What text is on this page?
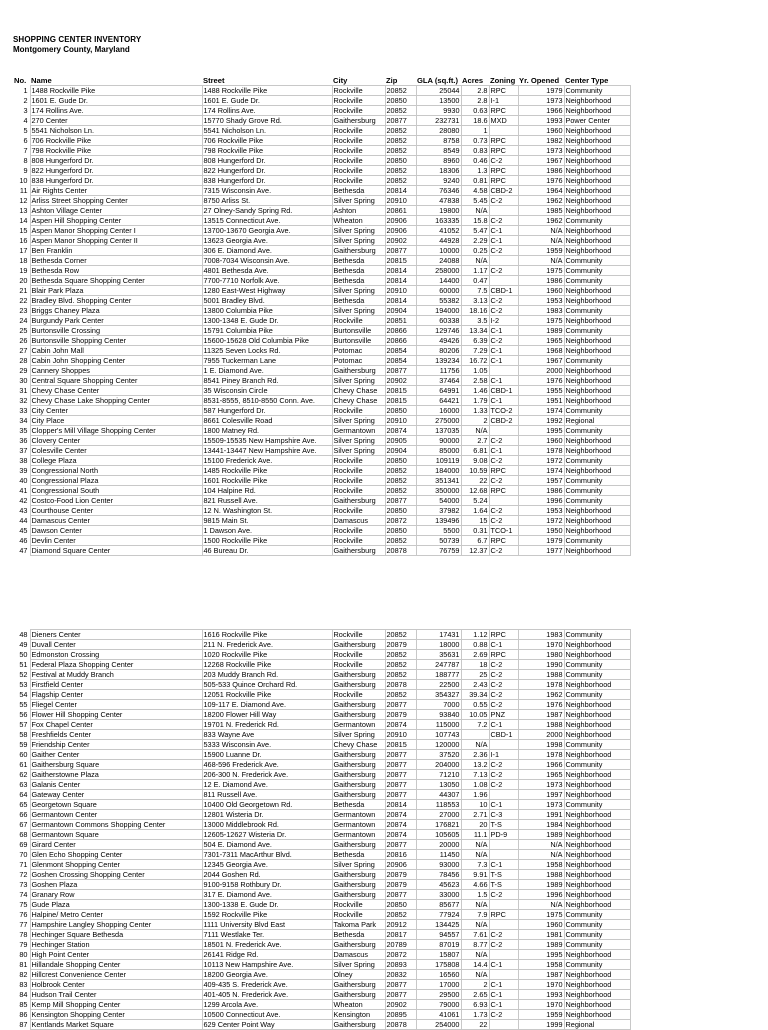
SHOPPING CENTER INVENTORY
Montgomery County, Maryland
No.	Name	Street	City	Zip	GLA (sq.ft.)	Acres	Zoning	Yr. Opened	Center Type
1	1488 Rockville Pike	1488 Rockville Pike	Rockville	20852	25044	2.8	RPC	1979	Community
2	1601 E. Gude Dr.	1601 E. Gude Dr.	Rockville	20850	13500	2.8	I-1	1973	Neighborhood
3	174 Rollins Ave.	174 Rollins Ave.	Rockville	20852	9930	0.63	RPC	1966	Neighborhood
4	270 Center	15770 Shady Grove Rd.	Gaithersburg	20877	232731	18.6	MXD	1993	Power Center
5	5541 Nicholson Ln.	5541 Nicholson Ln.	Rockville	20852	28080	1		1960	Neighborhood
6	706 Rockville Pike	706 Rockville Pike	Rockville	20852	8758	0.73	RPC	1982	Neighborhood
7	798 Rockville Pike	798 Rockville Pike	Rockville	20852	8549	0.83	RPC	1973	Neighborhood
8	808 Hungerford Dr.	808 Hungerford Dr.	Rockville	20850	8960	0.46	C-2	1967	Neighborhood
9	822 Hungerford Dr.	822 Hungerford Dr.	Rockville	20852	18306	1.3	RPC	1986	Neighborhood
10	838 Hungerford Dr.	838 Hungerford Dr.	Rockville	20852	9240	0.81	RPC	1976	Neighborhood
11	Air Rights Center	7315 Wisconsin Ave.	Bethesda	20814	76346	4.58	CBD-2	1964	Neighborhood
12	Arliss Street Shopping Center	8750 Arliss St.	Silver Spring	20910	47838	5.45	C-2	1962	Neighborhood
13	Ashton Village Center	27 Olney-Sandy Spring Rd.	Ashton	20861	19800	N/A		1985	Neighborhood
14	Aspen Hill Shopping Center	13515 Connecticut Ave.	Wheaton	20906	163335	15.8	C-2	1962	Community
15	Aspen Manor Shopping Center I	13700-13670 Georgia Ave.	Silver Spring	20906	41052	5.47	C-1	N/A	Neighborhood
16	Aspen Manor Shopping Center II	13623 Georgia Ave.	Silver Spring	20902	44928	2.29	C-1	N/A	Neighborhood
17	Ben Franklin	306 E. Diamond Ave.	Gaithersburg	20877	10000	0.25	C-2	1959	Neighborhood
18	Bethesda Corner	7008-7034 Wisconsin Ave.	Bethesda	20815	24088	N/A		N/A	Community
19	Bethesda Row	4801 Bethesda Ave.	Bethesda	20814	258000	1.17	C-2	1975	Community
20	Bethesda Square Shopping Center	7700-7710 Norfolk Ave.	Bethesda	20814	14400	0.47		1986	Community
21	Blair Park Plaza	1280 East-West Highway	Silver Spring	20910	60000	7.5	CBD-1	1960	Neighborhood
22	Bradley Blvd. Shopping Center	5001 Bradley Blvd.	Bethesda	20814	55382	3.13	C-2	1953	Neighborhood
23	Briggs Chaney Plaza	13800 Columbia Pike	Silver Spring	20904	194000	18.16	C-2	1983	Community
24	Burgundy Park Center	1300-1348 E. Gude Dr.	Rockville	20851	60338	3.5	I-2	1975	Neighborhood
25	Burtonsville Crossing	15791 Columbia Pike	Burtonsville	20866	129746	13.34	C-1	1989	Community
26	Burtonsville Shopping Center	15600-15628 Old Columbia Pike	Burtonsville	20866	49426	6.39	C-2	1965	Neighborhood
27	Cabin John Mall	11325 Seven Locks Rd.	Potomac	20854	80206	7.29	C-1	1968	Neighborhood
28	Cabin John Shopping Center	7955 Tuckerman Lane	Potomac	20854	139234	16.72	C-1	1967	Community
29	Cannery Shoppes	1 E. Diamond Ave.	Gaithersburg	20877	11756	1.05		2000	Neighborhood
30	Central Square Shopping Center	8541 Piney Branch Rd.	Silver Spring	20902	37464	2.58	C-1	1976	Neighborhood
31	Chevy Chase Center	35 Wisconsin Circle	Chevy Chase	20815	64991	1.46	CBD-1	1955	Neighborhood
32	Chevy Chase Lake Shopping Center	8531-8555, 8510-8550 Conn. Ave.	Chevy Chase	20815	64421	1.79	C-1	1951	Neighborhood
33	City Center	587 Hungerford Dr.	Rockville	20850	16000	1.33	TCO-2	1974	Community
34	City Place	8661 Colesville Road	Silver Spring	20910	275000	2	CBD-2	1992	Regional
35	Clopper's Mill Village Shopping Center	1800 Matney Rd.	Germantown	20874	137035	N/A		1995	Community
36	Clovery Center	15509-15535 New Hampshire Ave.	Silver Spring	20905	90000	2.7	C-2	1960	Neighborhood
37	Colesville Center	13441-13447 New Hampshire Ave.	Silver Spring	20904	85000	6.81	C-1	1978	Neighborhood
38	College Plaza	15100 Frederick Ave.	Rockville	20850	109119	9.08	C-2	1972	Community
39	Congressional North	1485 Rockville Pike	Rockville	20852	184000	10.59	RPC	1974	Neighborhood
40	Congressional Plaza	1601 Rockville Pike	Rockville	20852	351341	22	C-2	1957	Community
41	Congressional South	104 Halpine Rd.	Rockville	20852	350000	12.68	RPC	1986	Community
42	Costco-Food Lion Center	821 Russell Ave.	Gaithersburg	20877	54000	5.24		1996	Community
43	Courthouse Center	12 N. Washington St.	Rockville	20850	37982	1.64	C-2	1953	Neighborhood
44	Damascus Center	9815 Main St.	Damascus	20872	139496	15	C-2	1972	Neighborhood
45	Dawson Center	1 Dawson Ave.	Rockville	20850	5500	0.31	TCO-1	1950	Neighborhood
46	Devlin Center	1500 Rockville Pike	Rockville	20852	50739	6.7	RPC	1979	Community
47	Diamond Square Center	46 Bureau Dr.	Gaithersburg	20878	76759	12.37	C-2	1977	Neighborhood
48	Dieners Center	1616 Rockville Pike	Rockville	20852	17431	1.12	RPC	1983	Community
49	Duvall Center	211 N. Frederick Ave.	Gaithersburg	20879	18000	0.88	C-1	1970	Neighborhood
50	Edmonston Crossing	1020 Rockville Pike	Rockville	20852	35631	2.69	RPC	1980	Neighborhood
51	Federal Plaza Shopping Center	12268 Rockville Pike	Rockville	20852	247787	18	C-2	1990	Community
52	Festival at Muddy Branch	203 Muddy Branch Rd.	Gaithersburg	20852	188777	25	C-2	1988	Community
53	Firstfield Center	505-533 Quince Orchard Rd.	Gaithersburg	20878	22500	2.43	C-2	1978	Neighborhood
54	Flagship Center	12051 Rockville Pike	Rockville	20852	354327	39.34	C-2	1962	Community
55	Fliegel Center	109-117 E. Diamond Ave.	Gaithersburg	20877	7000	0.55	C-2	1976	Neighborhood
56	Flower Hill Shopping Center	18200 Flower Hill Way	Gaithersburg	20879	93840	10.05	PNZ	1987	Neighborhood
57	Fox Chapel Center	19701 N. Frederick Rd.	Germantown	20874	115000	7.2	C-1	1988	Neighborhood
58	Freshfields Center	833 Wayne Ave	Silver Spring	20910	107743		CBD-1	2000	Neighborhood
59	Friendship Center	5333 Wisconsin Ave.	Chevy Chase	20815	120000	N/A		1998	Community
60	Gaither Center	15900 Luanne Dr.	Gaithersburg	20877	37520	2.36	I-1	1978	Neighborhood
61	Gaithersburg Square	468-596 Frederick Ave.	Gaithersburg	20877	204000	13.2	C-2	1966	Community
62	Gaitherstowne Plaza	206-300 N. Frederick Ave.	Gaithersburg	20877	71210	7.13	C-2	1965	Neighborhood
63	Galanis Center	12 E. Diamond Ave.	Gaithersburg	20877	13050	1.08	C-2	1973	Neighborhood
64	Gateway Center	811 Russell Ave.	Gaithersburg	20877	44307	1.96		1997	Neighborhood
65	Georgetown Square	10400 Old Georgetown Rd.	Bethesda	20814	118553	10	C-1	1973	Community
66	Germantown Center	12801 Wisteria Dr.	Germantown	20874	27000	2.71	C-3	1991	Neighborhood
67	Germantown Commons Shopping Center	13000 Middlebrook Rd.	Germantown	20874	176821	20	T-S	1984	Neighborhood
68	Germantown Square	12605-12627 Wisteria Dr.	Germantown	20874	105605	11.1	PD-9	1989	Neighborhood
69	Girard Center	504 E. Diamond Ave.	Gaithersburg	20877	20000	N/A		N/A	Neighborhood
70	Glen Echo Shopping Center	7301-7311 MacArthur Blvd.	Bethesda	20816	11450	N/A		N/A	Neighborhood
71	Glenmont Shopping Center	12345 Georgia Ave.	Silver Spring	20906	93000	7.3	C-1	1958	Neighborhood
72	Goshen Crossing Shopping Center	2044 Goshen Rd.	Gaithersburg	20879	78456	9.91	T-S	1988	Neighborhood
73	Goshen Plaza	9100-9158 Rothbury Dr.	Gaithersburg	20879	45623	4.66	T-S	1989	Neighborhood
74	Granary Row	317 E. Diamond Ave.	Gaithersburg	20877	33000	1.5	C-2	1996	Neighborhood
75	Gude Plaza	1300-1338 E. Gude Dr.	Rockville	20850	85677	N/A		N/A	Neighborhood
76	Halpine/ Metro Center	1592 Rockville Pike	Rockville	20852	77924	7.9	RPC	1975	Community
77	Hampshire Langley Shopping Center	1111 University Blvd East	Takoma Park	20912	134425	N/A		1960	Community
78	Hechinger Square Bethesda	7111 Westlake Ter.	Bethesda	20817	94557	7.61	C-2	1981	Community
79	Hechinger Station	18501 N. Frederick Ave.	Gaithersburg	20789	87019	8.77	C-2	1989	Community
80	High Point Center	26141 Ridge Rd.	Damascus	20872	15807	N/A		1995	Neighborhood
81	Hillandale Shopping Center	10113 New Hampshire Ave.	Silver Spring	20893	175808	14.4	C-1	1958	Community
82	Hillcrest Convenience Center	18200 Georgia Ave.	Olney	20832	16560	N/A		1987	Neighborhood
83	Holbrook Center	409-435 S. Frederick Ave.	Gaithersburg	20877	17000	2	C-1	1970	Neighborhood
84	Hudson Trail Center	401-405 N. Frederick Ave.	Gaithersburg	20877	29500	2.65	C-1	1993	Neighborhood
85	Kemp Mill Shopping Center	1299 Arcola Ave.	Wheaton	20902	79000	6.93	C-1	1970	Neighborhood
86	Kensington Shopping Center	10500 Connecticut Ave.	Kensington	20895	41061	1.73	C-2	1959	Neighborhood
87	Kentlands Market Square	629 Center Point Way	Gaithersburg	20878	254000	22		1999	Regional
